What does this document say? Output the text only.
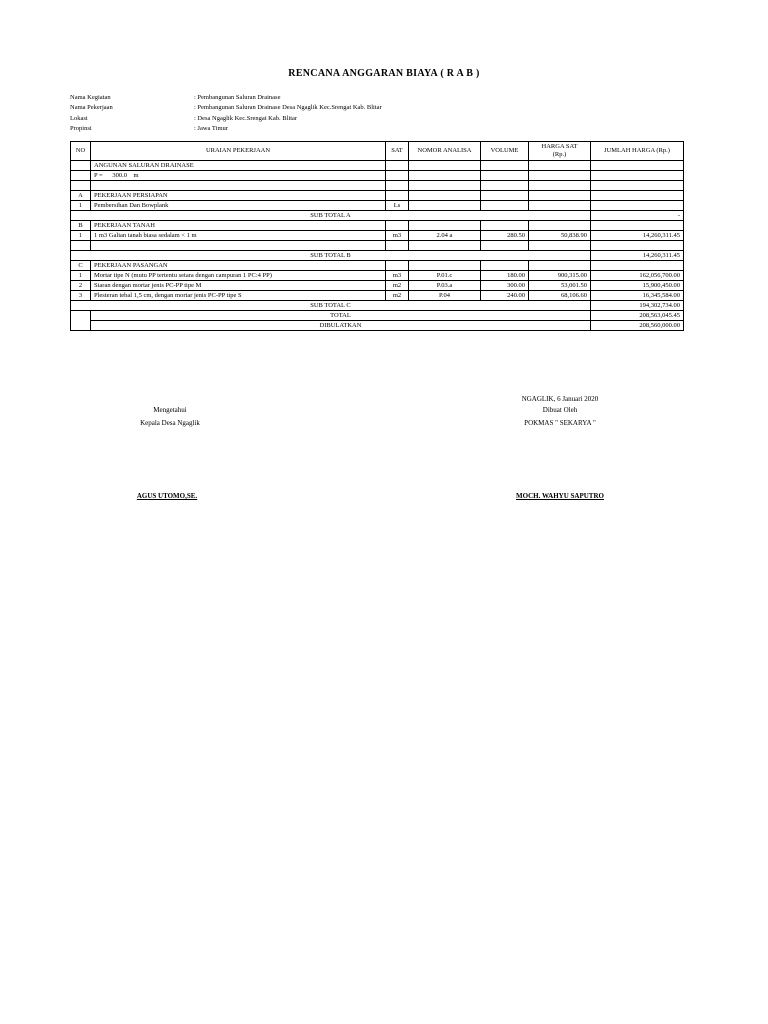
RENCANA ANGGARAN BIAYA ( R A B )
Nama Kegiatan	: Pembangunan Saluran Drainase
Nama Pekerjaan	: Pembangunan Saluran Drainase Desa Ngaglik Kec.Srengat Kab. Blitar
Lokasi	: Desa Ngaglik Kec.Srengat Kab. Blitar
Propinsi	: Jawa Timur
NO	URAIAN PEKERJAAN	SAT	NOMOR ANALISA	VOLUME	HARGA SAT (Rp.)	JUMLAH HARGA (Rp.)
	ANGUNAN SALURAN DRAINASE					
	P =      300.0    m					

A	PEKERJAAN PERSIAPAN					
1	Pembersihan Dan Bowplank	Ls				
SUB TOTAL A						-
B	PEKERJAAN TANAH					
1	1 m3 Galian tanah biasa sedalam < 1 m	m3	2.04 a	280.50	50,838.90	14,260,311.45

SUB TOTAL B						14,260,311.45
C	PEKERJAAN PASANGAN					
1	Mortar tipe N (mutu PP tertentu setara dengan campuran 1 PC:4 PP)	m3	P.01.c	180.00	900,315.00	162,056,700.00
2	Siaran dengan mortar jenis PC-PP tipe M	m2	P.03.a	300.00	53,001.50	15,900,450.00
3	Plesteran tebal 1,5 cm, dengan mortar jenis PC-PP tipe S	m2	P.04	240.00	68,106.60	16,345,584.00
SUB TOTAL C						194,302,734.00
	TOTAL					208,563,045.45
	DIBULATKAN					208,560,000.00
NGAGLIK, 6 Januari 2020
Mengetahui	Dibuat Oleh
Kepala Desa Ngaglik	POKMAS " SEKARYA "
AGUS UTOMO,SE.	MOCH. WAHYU SAPUTRO
